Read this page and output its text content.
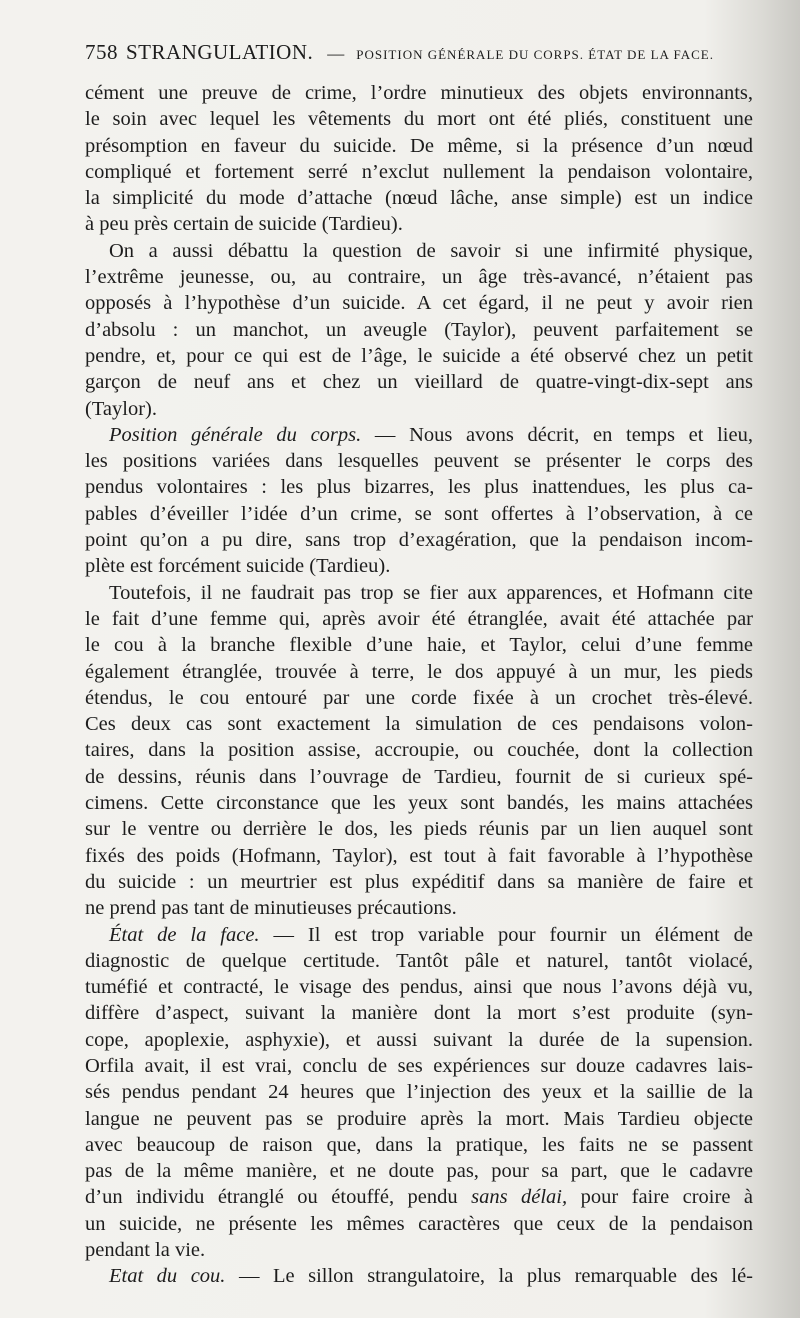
758 STRANGULATION. — POSITION GÉNÉRALE DU CORPS. ÉTAT DE LA FACE.
cément une preuve de crime, l’ordre minutieux des objets environnants,
le soin avec lequel les vêtements du mort ont été pliés, constituent une
présomption en faveur du suicide. De même, si la présence d’un nœud
compliqué et fortement serré n’exclut nullement la pendaison volontaire,
la simplicité du mode d’attache (nœud lâche, anse simple) est un indice
à peu près certain de suicide (Tardieu).
On a aussi débattu la question de savoir si une infirmité physique,
l’extrême jeunesse, ou, au contraire, un âge très-avancé, n’étaient pas
opposés à l’hypothèse d’un suicide. A cet égard, il ne peut y avoir rien
d’absolu : un manchot, un aveugle (Taylor), peuvent parfaitement se
pendre, et, pour ce qui est de l’âge, le suicide a été observé chez un petit
garçon de neuf ans et chez un vieillard de quatre-vingt-dix-sept ans
(Taylor).
Position générale du corps. — Nous avons décrit, en temps et lieu,
les positions variées dans lesquelles peuvent se présenter le corps des
pendus volontaires : les plus bizarres, les plus inattendues, les plus ca-
pables d’éveiller l’idée d’un crime, se sont offertes à l’observation, à ce
point qu’on a pu dire, sans trop d’exagération, que la pendaison incom-
plète est forcément suicide (Tardieu).
Toutefois, il ne faudrait pas trop se fier aux apparences, et Hofmann cite
le fait d’une femme qui, après avoir été étranglée, avait été attachée par
le cou à la branche flexible d’une haie, et Taylor, celui d’une femme
également étranglée, trouvée à terre, le dos appuyé à un mur, les pieds
étendus, le cou entouré par une corde fixée à un crochet très-élevé.
Ces deux cas sont exactement la simulation de ces pendaisons volon-
taires, dans la position assise, accroupie, ou couchée, dont la collection
de dessins, réunis dans l’ouvrage de Tardieu, fournit de si curieux spé-
cimens. Cette circonstance que les yeux sont bandés, les mains attachées
sur le ventre ou derrière le dos, les pieds réunis par un lien auquel sont
fixés des poids (Hofmann, Taylor), est tout à fait favorable à l’hypothèse
du suicide : un meurtrier est plus expéditif dans sa manière de faire et
ne prend pas tant de minutieuses précautions.
État de la face. — Il est trop variable pour fournir un élément de
diagnostic de quelque certitude. Tantôt pâle et naturel, tantôt violacé,
tuméfié et contracté, le visage des pendus, ainsi que nous l’avons déjà vu,
diffère d’aspect, suivant la manière dont la mort s’est produite (syn-
cope, apoplexie, asphyxie), et aussi suivant la durée de la supension.
Orfila avait, il est vrai, conclu de ses expériences sur douze cadavres lais-
sés pendus pendant 24 heures que l’injection des yeux et la saillie de la
langue ne peuvent pas se produire après la mort. Mais Tardieu objecte
avec beaucoup de raison que, dans la pratique, les faits ne se passent
pas de la même manière, et ne doute pas, pour sa part, que le cadavre
d’un individu étranglé ou étouffé, pendu sans délai, pour faire croire à
un suicide, ne présente les mêmes caractères que ceux de la pendaison
pendant la vie.
Etat du cou. — Le sillon strangulatoire, la plus remarquable des lé-
